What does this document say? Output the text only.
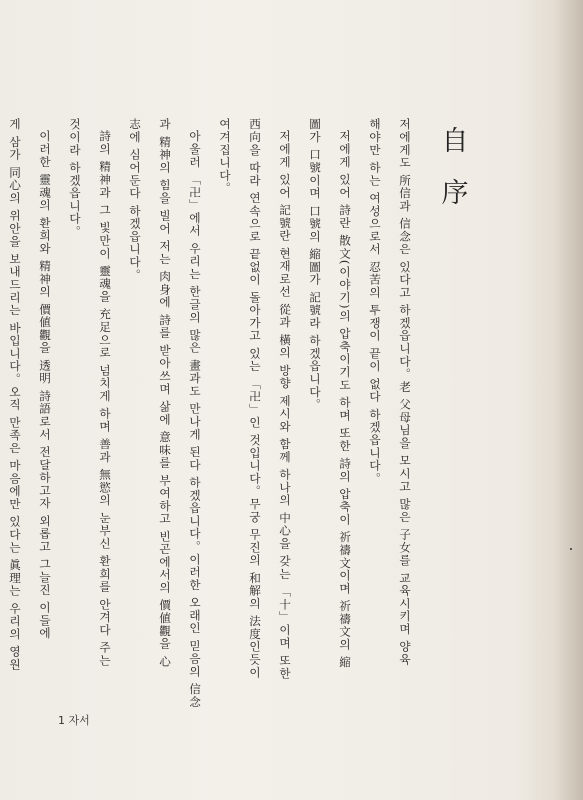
自
序
저에게도 所信과 信念은 있다고 하겠읍니다。老 父母님을 모시고 많은 子女를 교육시키며 양육
해야만 하는 여성으로서 忍苦의 투쟁이 끝이 없다 하겠읍니다。
저에게 있어 詩란 散文(이야기)의 압축이기도 하며 또한 詩의 압축이 祈禱文이며 祈禱文의 縮
圖가 口號이며 口號의 縮圖가 記號라 하겠읍니다。
저에게 있어 記號란 현재로선 從과 橫의 방향 제시와 함께 하나의 中心을 갖는 「十」이며 또한
西向을 따라 연속으로 끝없이 돌아가고 있는 「卍」인 것입니다。무궁 무진의 和解의 法度인듯이
여겨집니다。
아울러 「卍」에서 우리는 한글의 많은 畫과도 만나게 된다 하겠읍니다。이러한 오래인 믿음의 信念
과 精神의 힘을 빌어 저는 肉身에 詩를 받아쓰며 삶에 意味를 부여하고 빈곤에서의 價値觀을 心
志에 심어둔다 하겠읍니다。
詩의 精神과 그 빛만이 靈魂을 充足으로 넘치게 하며 善과 無慾의 눈부신 환희를 안겨다 주는
것이라 하겠읍니다。
이러한 靈魂의 환희와 精神의 價値觀을 透明 詩語로서 전달하고자 외롭고 그늘진 이들에
게 삼가 同心의 위안을 보내드리는 바입니다。오직 만족은 마음에만 있다는 眞理는 우리의 영원
1 자서
